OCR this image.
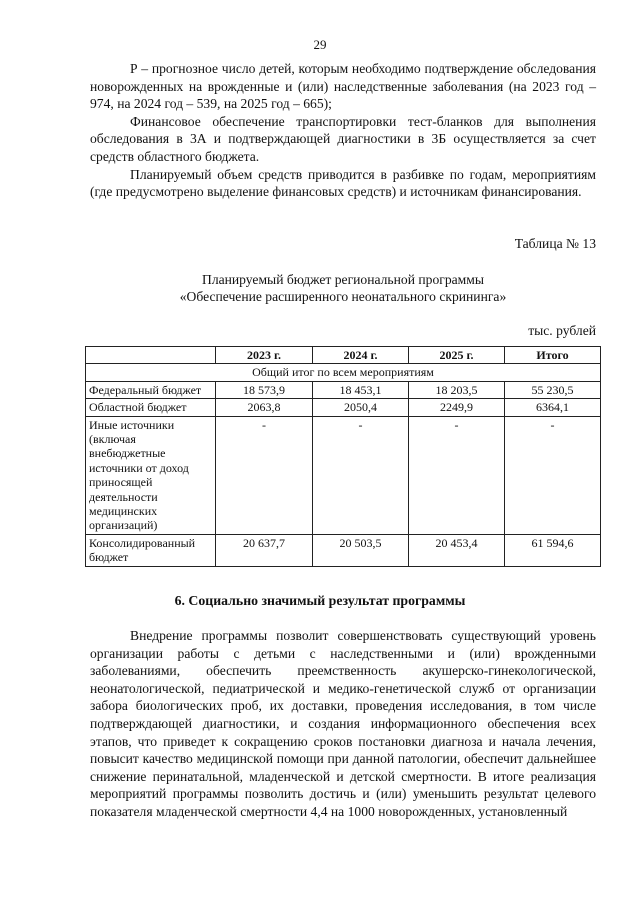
29

Р – прогнозное число детей, которым необходимо подтверждение обследования новорожденных на врожденные и (или) наследственные заболевания (на 2023 год – 974, на 2024 год – 539, на 2025 год – 665);

Финансовое обеспечение транспортировки тест-бланков для выполнения обследования в 3А и подтверждающей диагностики в 3Б осуществляется за счет средств областного бюджета.

Планируемый объем средств приводится в разбивке по годам, мероприятиям (где предусмотрено выделение финансовых средств) и источникам финансирования.

Таблица № 13
Планируемый бюджет региональной программы
«Обеспечение расширенного неонатального скрининга»
тыс. рублей
	2023 г.	2024 г.	2025 г.	Итого
Общий итог по всем мероприятиям				
Федеральный бюджет	18 573,9	18 453,1	18 203,5	55 230,5
Областной бюджет	2063,8	2050,4	2249,9	6364,1
Иные источники (включая внебюджетные источники от доход приносящей деятельности медицинских организаций)	-	-	-	-
Консолидированный бюджет	20 637,7	20 503,5	20 453,4	61 594,6
6. Социально значимый результат программы

Внедрение программы позволит совершенствовать существующий уровень организации работы с детьми с наследственными и (или) врожденными заболеваниями, обеспечить преемственность акушерско-гинекологической, неонатологической, педиатрической и медико-генетической служб от организации забора биологических проб, их доставки, проведения исследования, в том числе подтверждающей диагностики, и создания информационного обеспечения всех этапов, что приведет к сокращению сроков постановки диагноза и начала лечения, повысит качество медицинской помощи при данной патологии, обеспечит дальнейшее снижение перинатальной, младенческой и детской смертности. В итоге реализация мероприятий программы позволить достичь и (или) уменьшить результат целевого показателя младенческой смертности 4,4 на 1000 новорожденных, установленный
